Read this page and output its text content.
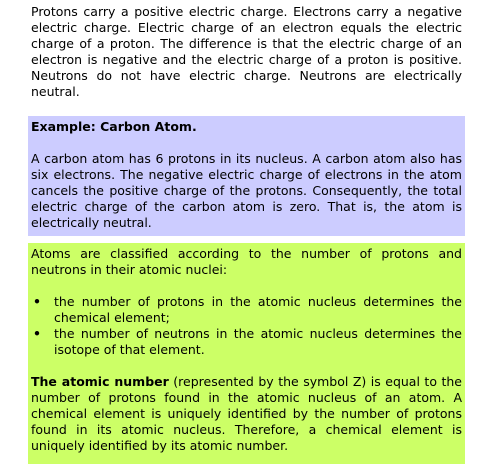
Protons carry a positive electric charge. Electrons carry a negative electric charge. Electric charge of an electron equals the electric charge of a proton. The difference is that the electric charge of an electron is negative and the electric charge of a proton is positive. Neutrons do not have electric charge. Neutrons are electrically neutral.

Example: Carbon Atom.

A carbon atom has 6 protons in its nucleus. A carbon atom also has six electrons. The negative electric charge of electrons in the atom cancels the positive charge of the protons. Consequently, the total electric charge of the carbon atom is zero. That is, the atom is electrically neutral.

Atoms are classified according to the number of protons and neutrons in their atomic nuclei:

• the number of protons in the atomic nucleus determines the chemical element;
• the number of neutrons in the atomic nucleus determines the isotope of that element.

The atomic number (represented by the symbol Z) is equal to the number of protons found in the atomic nucleus of an atom. A chemical element is uniquely identified by the number of protons found in its atomic nucleus. Therefore, a chemical element is uniquely identified by its atomic number.
